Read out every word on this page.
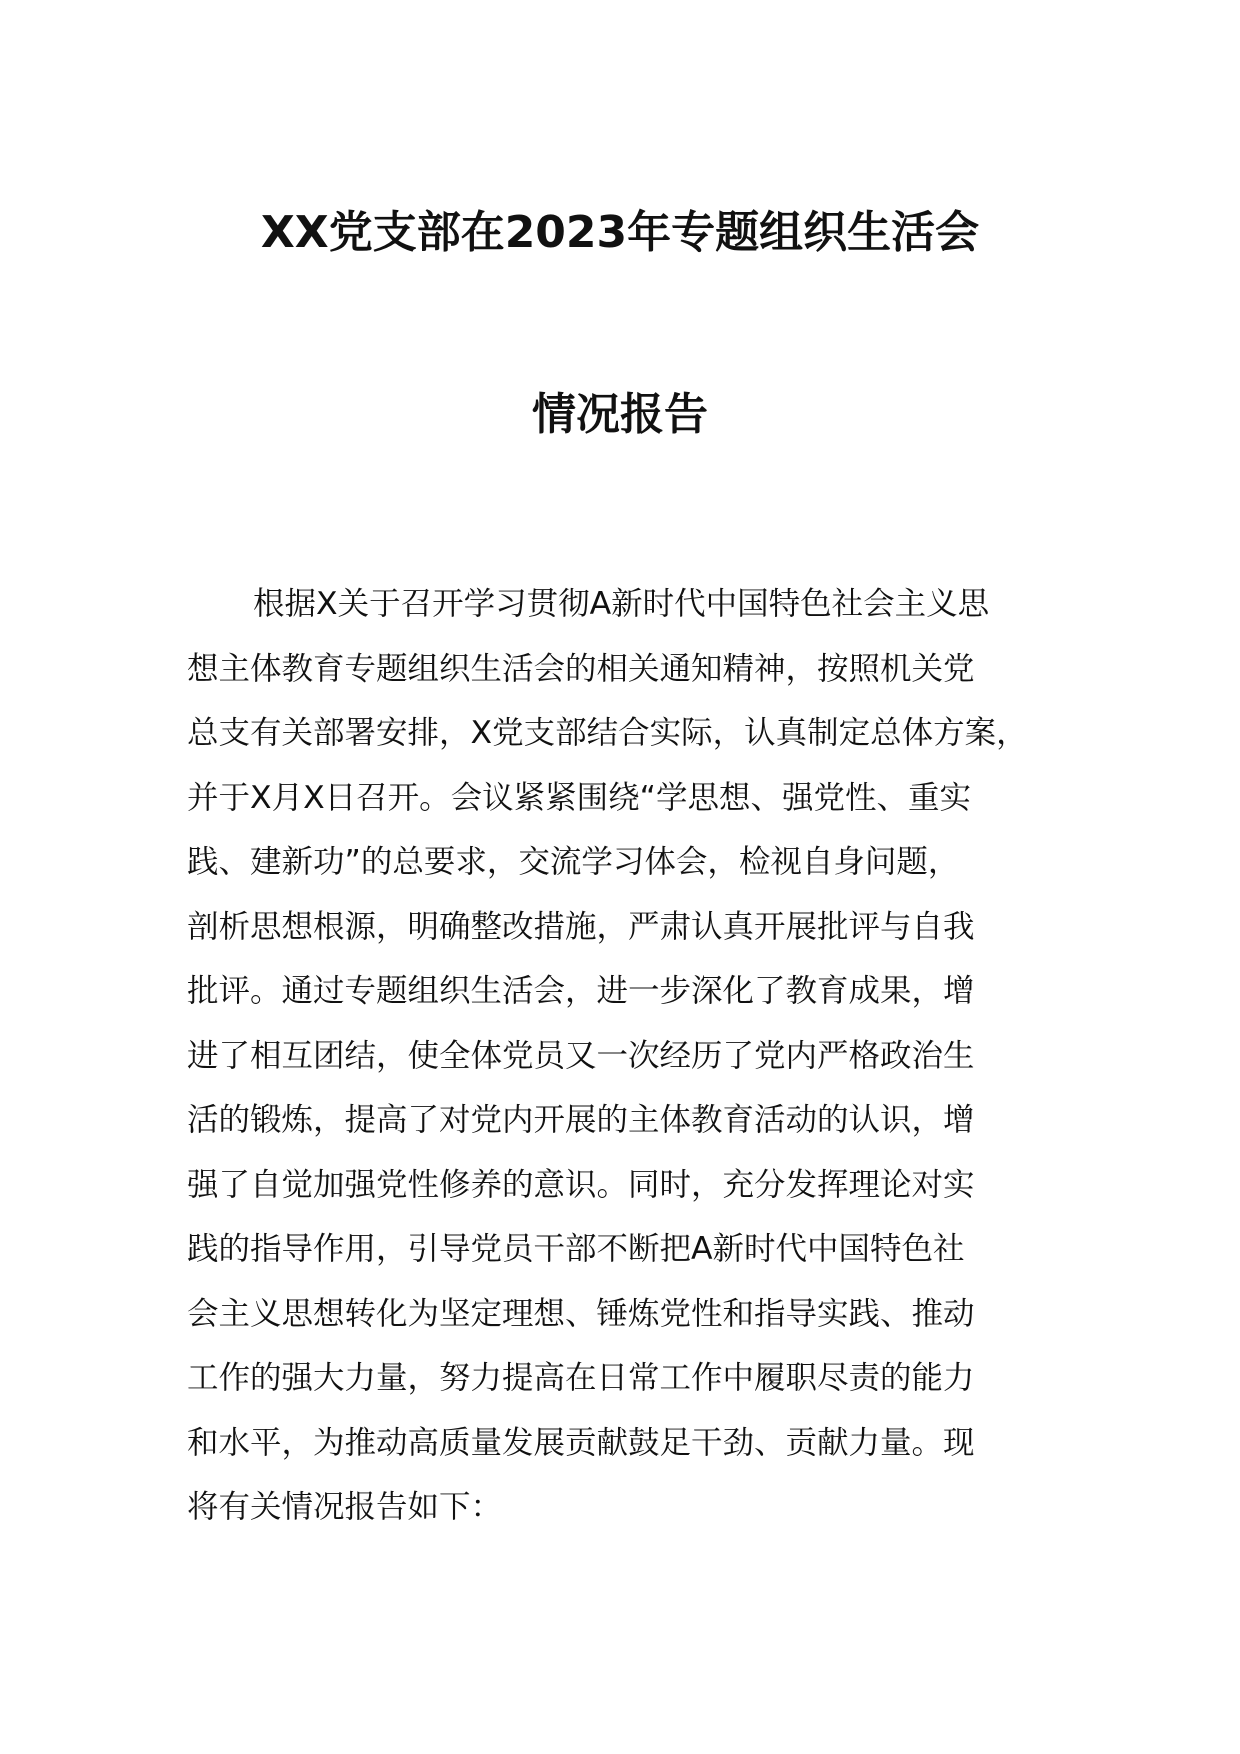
XX党支部在2023年专题组织生活会
情况报告

根据X关于召开学习贯彻A新时代中国特色社会主义思
想主体教育专题组织生活会的相关通知精神，按照机关党
总支有关部署安排，X党支部结合实际，认真制定总体方案，
并于X月X日召开。会议紧紧围绕“学思想、强党性、重实
践、建新功”的总要求，交流学习体会，检视自身问题，
剖析思想根源，明确整改措施，严肃认真开展批评与自我
批评。通过专题组织生活会，进一步深化了教育成果，增
进了相互团结，使全体党员又一次经历了党内严格政治生
活的锻炼，提高了对党内开展的主体教育活动的认识，增
强了自觉加强党性修养的意识。同时，充分发挥理论对实
践的指导作用，引导党员干部不断把A新时代中国特色社
会主义思想转化为坚定理想、锤炼党性和指导实践、推动
工作的强大力量，努力提高在日常工作中履职尽责的能力
和水平，为推动高质量发展贡献鼓足干劲、贡献力量。现
将有关情况报告如下：
